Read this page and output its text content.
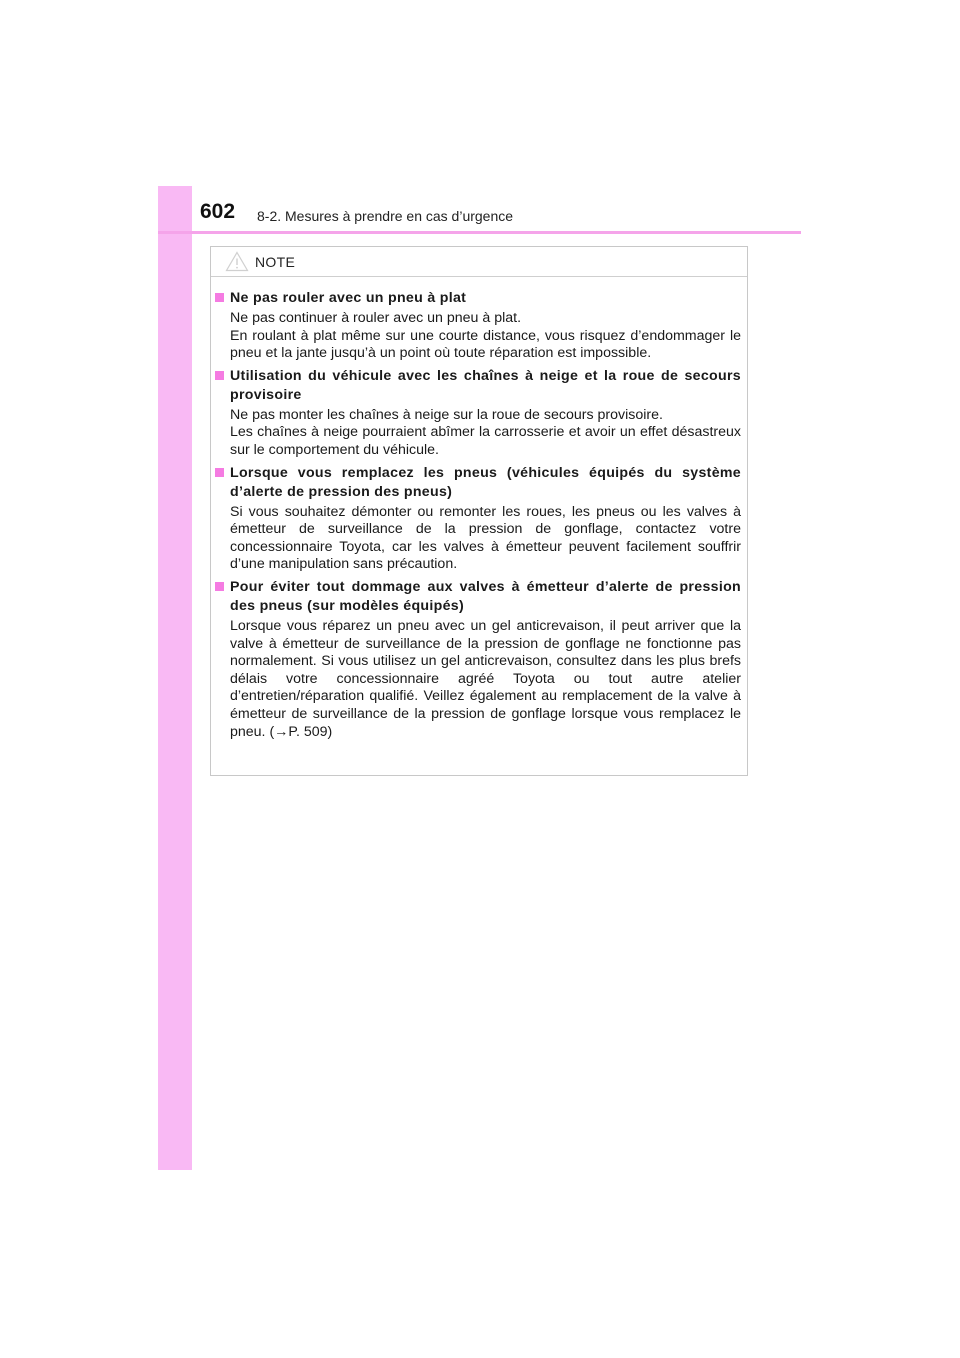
602 8-2. Mesures à prendre en cas d’urgence
NOTE
Ne pas rouler avec un pneu à plat

Ne pas continuer à rouler avec un pneu à plat.

En roulant à plat même sur une courte distance, vous risquez d’endommager le pneu et la jante jusqu’à un point où toute réparation est impossible.

Utilisation du véhicule avec les chaînes à neige et la roue de secours provisoire

Ne pas monter les chaînes à neige sur la roue de secours provisoire.

Les chaînes à neige pourraient abîmer la carrosserie et avoir un effet désastreux sur le comportement du véhicule.

Lorsque vous remplacez les pneus (véhicules équipés du système d’alerte de pression des pneus)

Si vous souhaitez démonter ou remonter les roues, les pneus ou les valves à émetteur de surveillance de la pression de gonflage, contactez votre concessionnaire Toyota, car les valves à émetteur peuvent facilement souffrir d’une manipulation sans précaution.

Pour éviter tout dommage aux valves à émetteur d’alerte de pression des pneus (sur modèles équipés)

Lorsque vous réparez un pneu avec un gel anticrevaison, il peut arriver que la valve à émetteur de surveillance de la pression de gonflage ne fonctionne pas normalement. Si vous utilisez un gel anticrevaison, consultez dans les plus brefs délais votre concessionnaire agréé Toyota ou tout autre atelier d’entretien/réparation qualifié. Veillez également au remplacement de la valve à émetteur de surveillance de la pression de gonflage lorsque vous remplacez le pneu. (→P. 509)
